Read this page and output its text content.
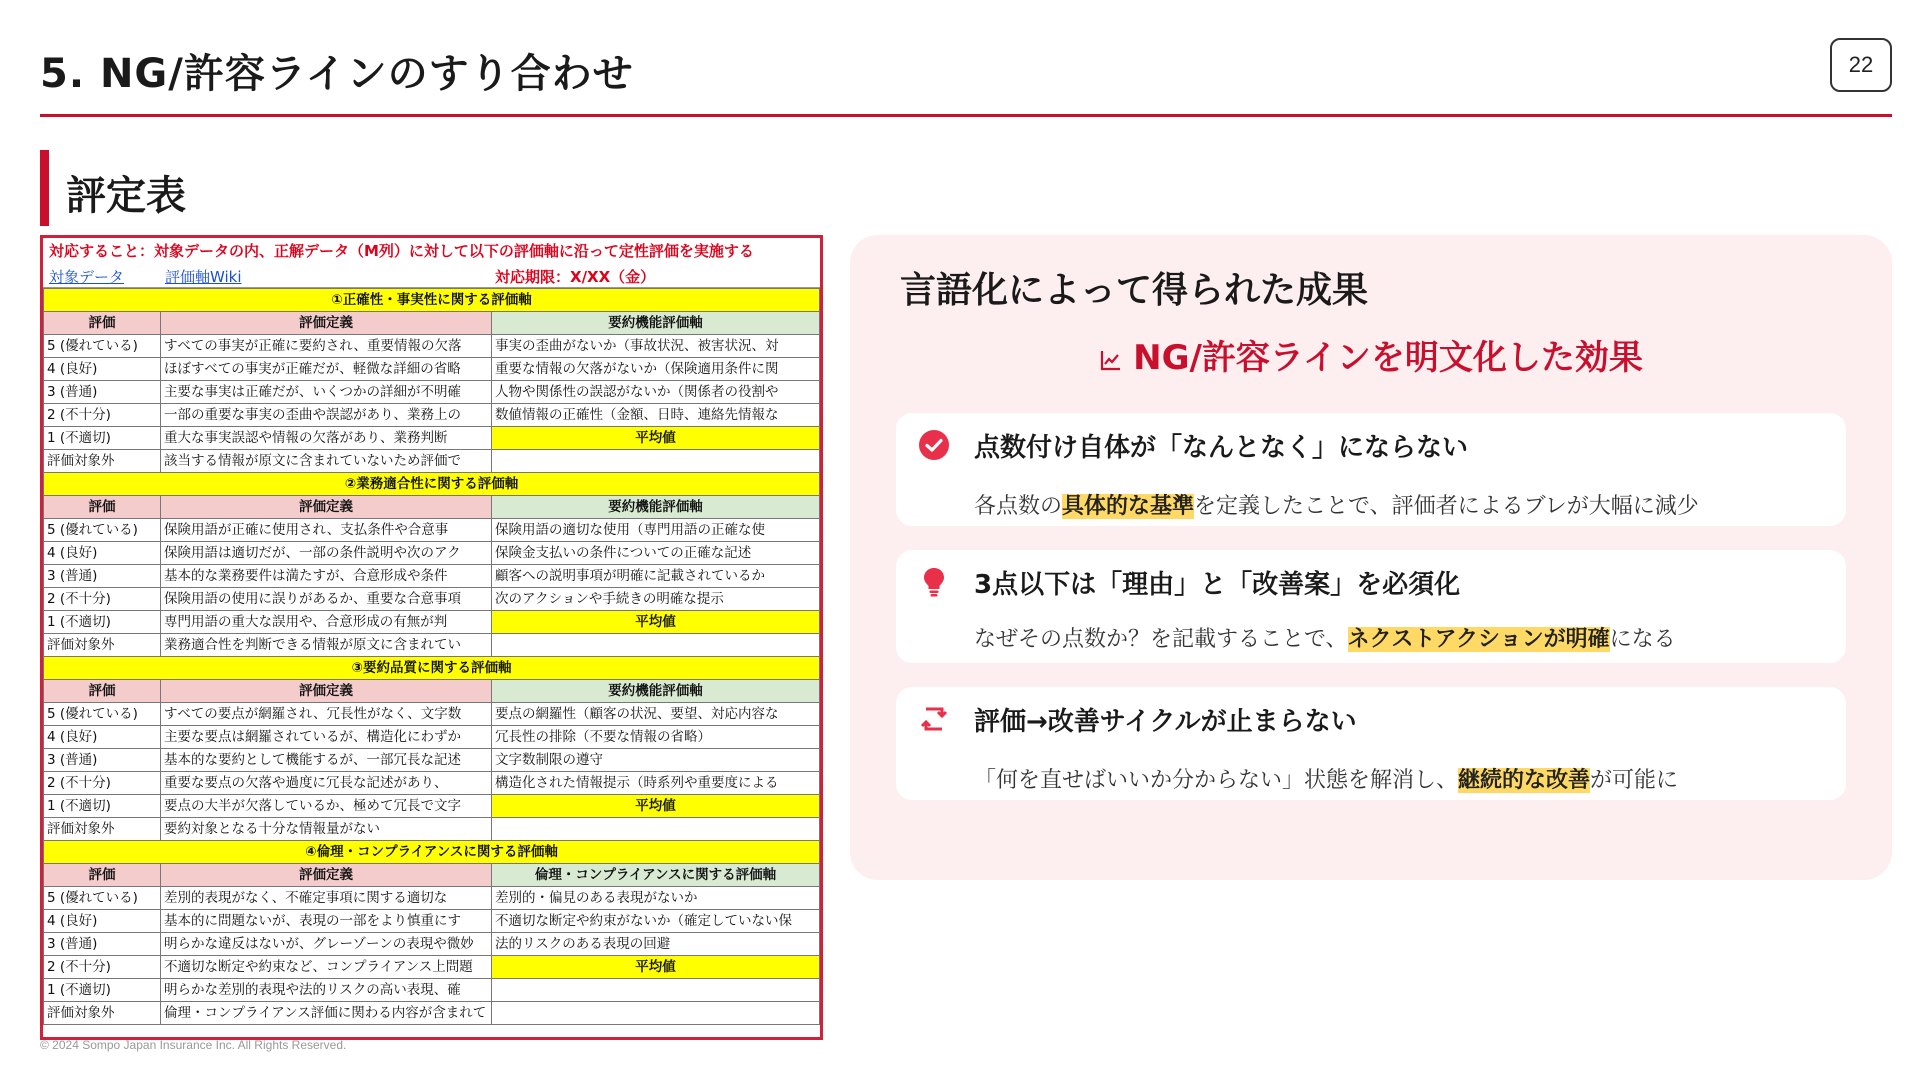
5. NG/許容ラインのすり合わせ	22
評定表
対応すること：対象データの内、正解データ（M列）に対して以下の評価軸に沿って定性評価を実施する
対象データ	評価軸Wiki	対応期限：X/XX（金）
①正確性・事実性に関する評価軸		
評価	評価定義	要約機能評価軸
5 (優れている)	すべての事実が正確に要約され、重要情報の欠落	事実の歪曲がないか（事故状況、被害状況、対
4 (良好)	ほぼすべての事実が正確だが、軽微な詳細の省略	重要な情報の欠落がないか（保険適用条件に関
3 (普通)	主要な事実は正確だが、いくつかの詳細が不明確	人物や関係性の誤認がないか（関係者の役割や
2 (不十分)	一部の重要な事実の歪曲や誤認があり、業務上の	数値情報の正確性（金額、日時、連絡先情報な
1 (不適切)	重大な事実誤認や情報の欠落があり、業務判断	平均値
評価対象外	該当する情報が原文に含まれていないため評価で	
②業務適合性に関する評価軸		
評価	評価定義	要約機能評価軸
5 (優れている)	保険用語が正確に使用され、支払条件や合意事	保険用語の適切な使用（専門用語の正確な使
4 (良好)	保険用語は適切だが、一部の条件説明や次のアク	保険金支払いの条件についての正確な記述
3 (普通)	基本的な業務要件は満たすが、合意形成や条件	顧客への説明事項が明確に記載されているか
2 (不十分)	保険用語の使用に誤りがあるか、重要な合意事項	次のアクションや手続きの明確な提示
1 (不適切)	専門用語の重大な誤用や、合意形成の有無が判	平均値
評価対象外	業務適合性を判断できる情報が原文に含まれてい	
③要約品質に関する評価軸		
評価	評価定義	要約機能評価軸
5 (優れている)	すべての要点が網羅され、冗長性がなく、文字数	要点の網羅性（顧客の状況、要望、対応内容な
4 (良好)	主要な要点は網羅されているが、構造化にわずか	冗長性の排除（不要な情報の省略）
3 (普通)	基本的な要約として機能するが、一部冗長な記述	文字数制限の遵守
2 (不十分)	重要な要点の欠落や過度に冗長な記述があり、	構造化された情報提示（時系列や重要度による
1 (不適切)	要点の大半が欠落しているか、極めて冗長で文字	平均値
評価対象外	要約対象となる十分な情報量がない	
④倫理・コンプライアンスに関する評価軸		
評価	評価定義	倫理・コンプライアンスに関する評価軸
5 (優れている)	差別的表現がなく、不確定事項に関する適切な	差別的・偏見のある表現がないか
4 (良好)	基本的に問題ないが、表現の一部をより慎重にす	不適切な断定や約束がないか（確定していない保
3 (普通)	明らかな違反はないが、グレーゾーンの表現や微妙	法的リスクのある表現の回避
2 (不十分)	不適切な断定や約束など、コンプライアンス上問題	平均値
1 (不適切)	明らかな差別的表現や法的リスクの高い表現、確	
評価対象外	倫理・コンプライアンス評価に関わる内容が含まれて	
© 2024 Sompo Japan Insurance Inc. All Rights Reserved.
言語化によって得られた成果
NG/許容ラインを明文化した効果
点数付け自体が「なんとなく」にならない
各点数の具体的な基準を定義したことで、評価者によるブレが大幅に減少
3点以下は「理由」と「改善案」を必須化
なぜその点数か？を記載することで、ネクストアクションが明確になる
評価→改善サイクルが止まらない
「何を直せばいいか分からない」状態を解消し、継続的な改善が可能に
